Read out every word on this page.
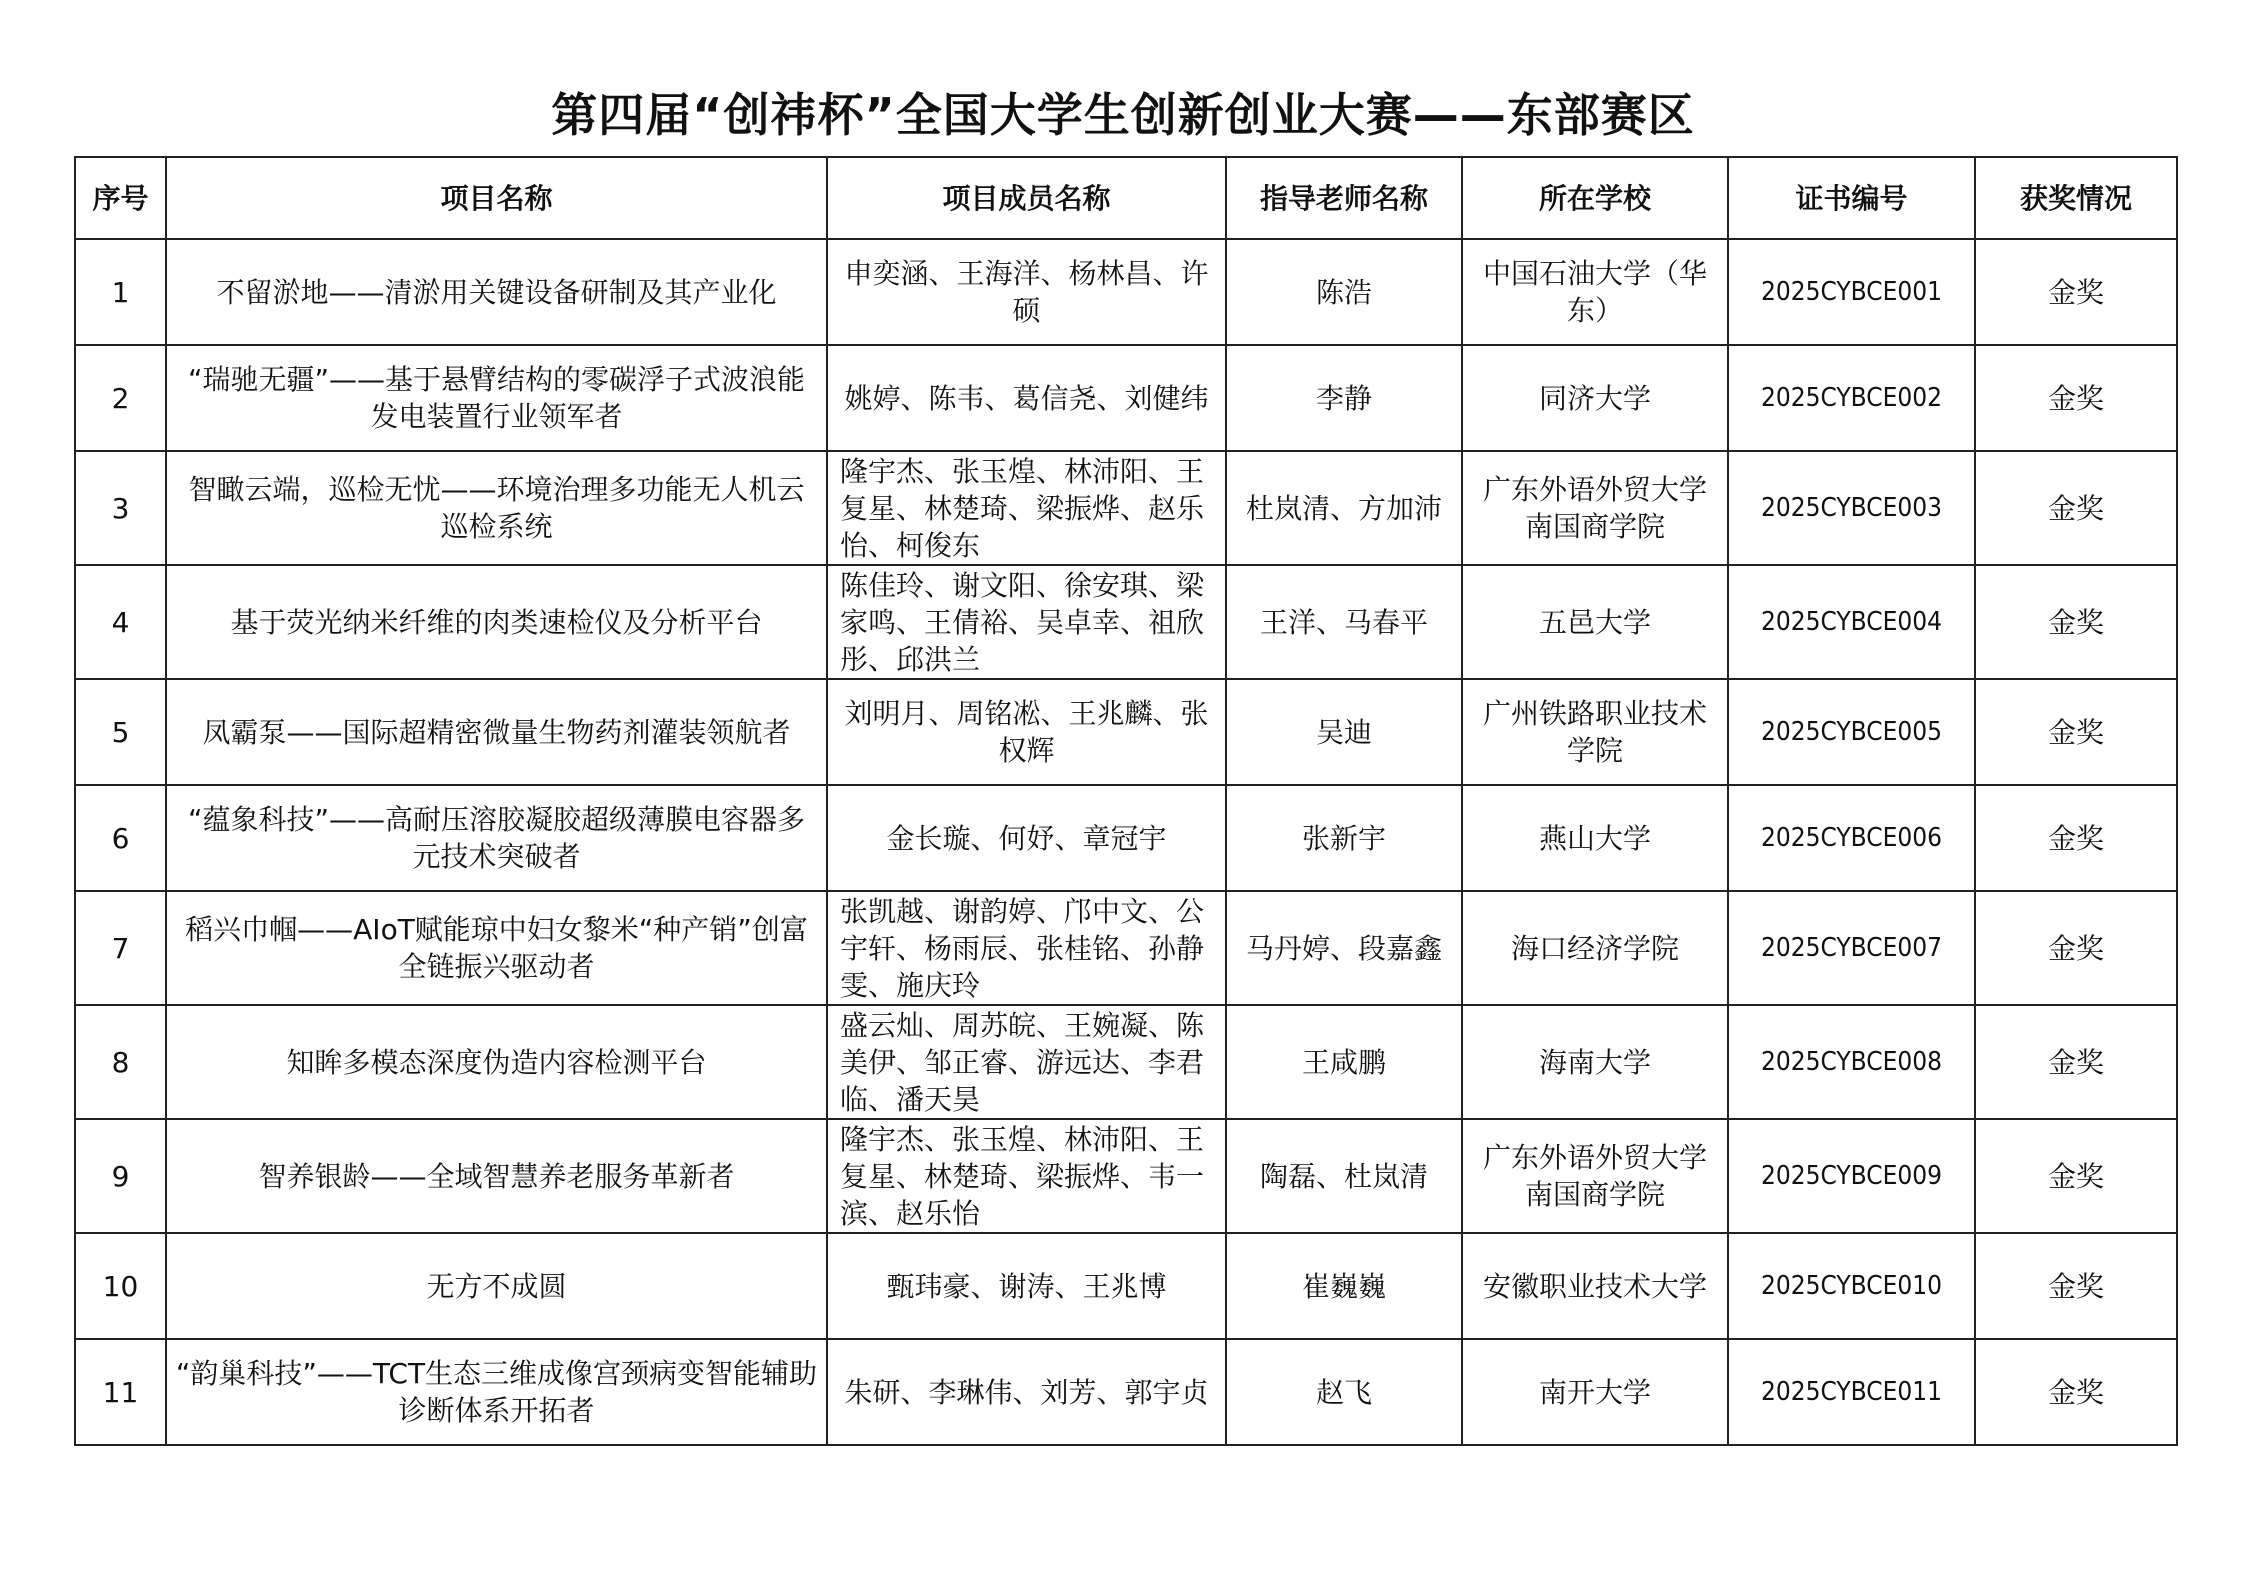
第四届“创祎杯”全国大学生创新创业大赛——东部赛区
序号	项目名称	项目成员名称	指导老师名称	所在学校	证书编号	获奖情况
1	不留淤地——清淤用关键设备研制及其产业化	申奕涵、王海洋、杨林昌、许硕	陈浩	中国石油大学（华东）	2025CYBCE001	金奖
2	“瑞驰无疆”——基于悬臂结构的零碳浮子式波浪能发电装置行业领军者	姚婷、陈韦、葛信尧、刘健纬	李静	同济大学	2025CYBCE002	金奖
3	智瞰云端，巡检无忧——环境治理多功能无人机云巡检系统	隆宇杰、张玉煌、林沛阳、王复星、林楚琦、梁振烨、赵乐怡、柯俊东	杜岚清、方加沛	广东外语外贸大学南国商学院	2025CYBCE003	金奖
4	基于荧光纳米纤维的肉类速检仪及分析平台	陈佳玲、谢文阳、徐安琪、梁家鸣、王倩裕、吴卓幸、祖欣彤、邱洪兰	王洋、马春平	五邑大学	2025CYBCE004	金奖
5	凤霸泵——国际超精密微量生物药剂灌装领航者	刘明月、周铭凇、王兆麟、张权辉	吴迪	广州铁路职业技术学院	2025CYBCE005	金奖
6	“蕴象科技”——高耐压溶胶凝胶超级薄膜电容器多元技术突破者	金长璇、何妤、章冠宇	张新宇	燕山大学	2025CYBCE006	金奖
7	稻兴巾帼——AIoT赋能琼中妇女黎米“种产销”创富 全链振兴驱动者	张凯越、谢韵婷、邝中文、公宇轩、杨雨辰、张桂铭、孙静雯、施庆玲	马丹婷、段嘉鑫	海口经济学院	2025CYBCE007	金奖
8	知眸多模态深度伪造内容检测平台	盛云灿、周苏皖、王婉凝、陈美伊、邹正睿、游远达、李君临、潘天昊	王咸鹏	海南大学	2025CYBCE008	金奖
9	智养银龄——全域智慧养老服务革新者	隆宇杰、张玉煌、林沛阳、王复星、林楚琦、梁振烨、韦一滨、赵乐怡	陶磊、杜岚清	广东外语外贸大学南国商学院	2025CYBCE009	金奖
10	无方不成圆	甄玮豪、谢涛、王兆博	崔巍巍	安徽职业技术大学	2025CYBCE010	金奖
11	“韵巢科技”——TCT生态三维成像宫颈病变智能辅助诊断体系开拓者	朱研、李琳伟、刘芳、郭宇贞	赵飞	南开大学	2025CYBCE011	金奖
